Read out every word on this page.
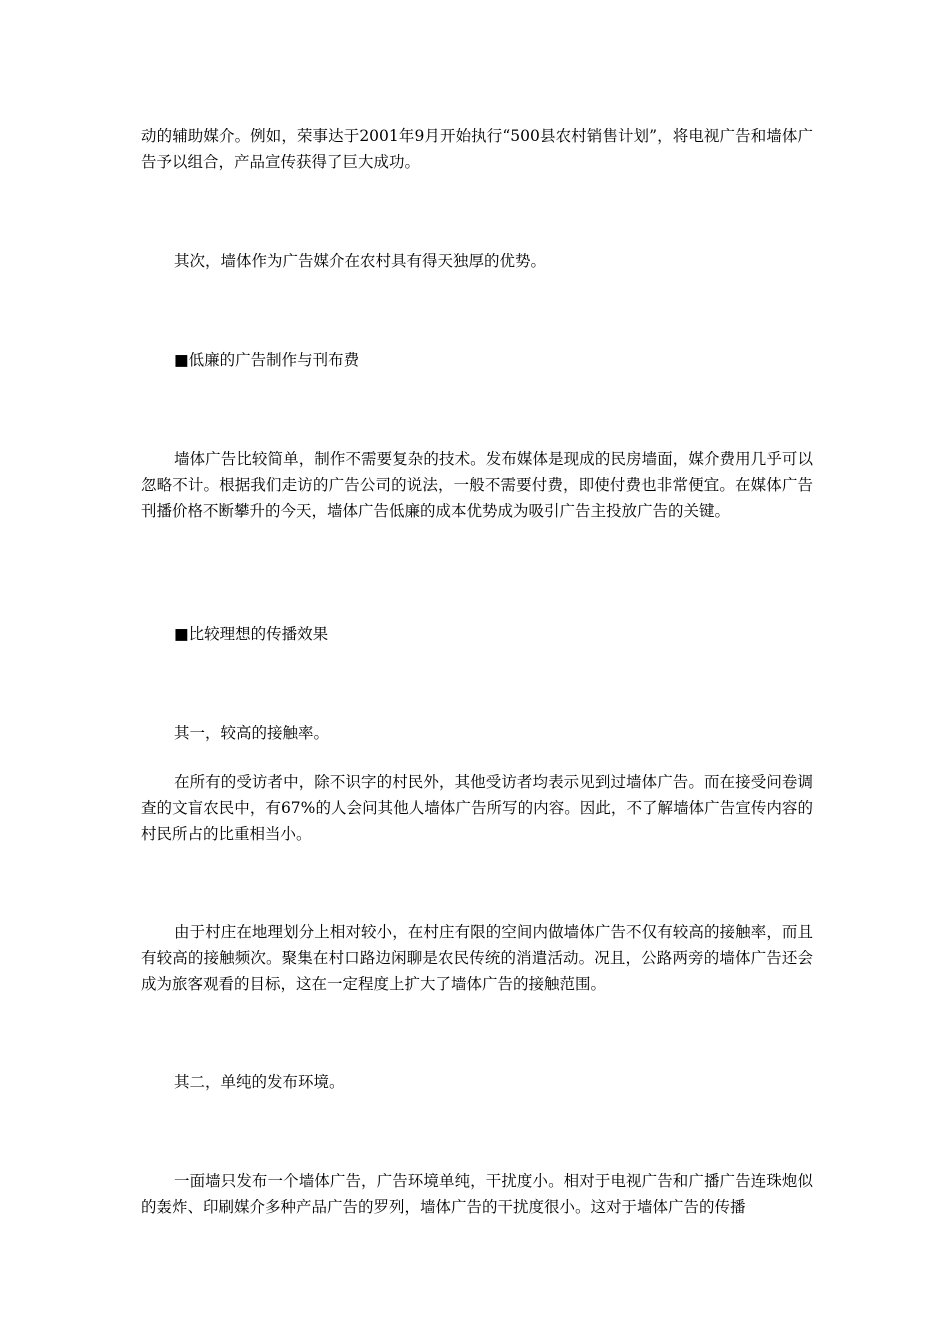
动的辅助媒介。例如，荣事达于2001年9月开始执行“500县农村销售计划”，将电视广告和墙体广告予以组合，产品宣传获得了巨大成功。

其次，墙体作为广告媒介在农村具有得天独厚的优势。

■低廉的广告制作与刊布费

墙体广告比较简单，制作不需要复杂的技术。发布媒体是现成的民房墙面，媒介费用几乎可以忽略不计。根据我们走访的广告公司的说法，一般不需要付费，即使付费也非常便宜。在媒体广告刊播价格不断攀升的今天，墙体广告低廉的成本优势成为吸引广告主投放广告的关键。

■比较理想的传播效果

其一，较高的接触率。

在所有的受访者中，除不识字的村民外，其他受访者均表示见到过墙体广告。而在接受问卷调查的文盲农民中，有67%的人会问其他人墙体广告所写的内容。因此，不了解墙体广告宣传内容的村民所占的比重相当小。

由于村庄在地理划分上相对较小，在村庄有限的空间内做墙体广告不仅有较高的接触率，而且有较高的接触频次。聚集在村口路边闲聊是农民传统的消遣活动。况且，公路两旁的墙体广告还会成为旅客观看的目标，这在一定程度上扩大了墙体广告的接触范围。

其二，单纯的发布环境。

一面墙只发布一个墙体广告，广告环境单纯，干扰度小。相对于电视广告和广播广告连珠炮似的轰炸、印刷媒介多种产品广告的罗列，墙体广告的干扰度很小。这对于墙体广告的传播
